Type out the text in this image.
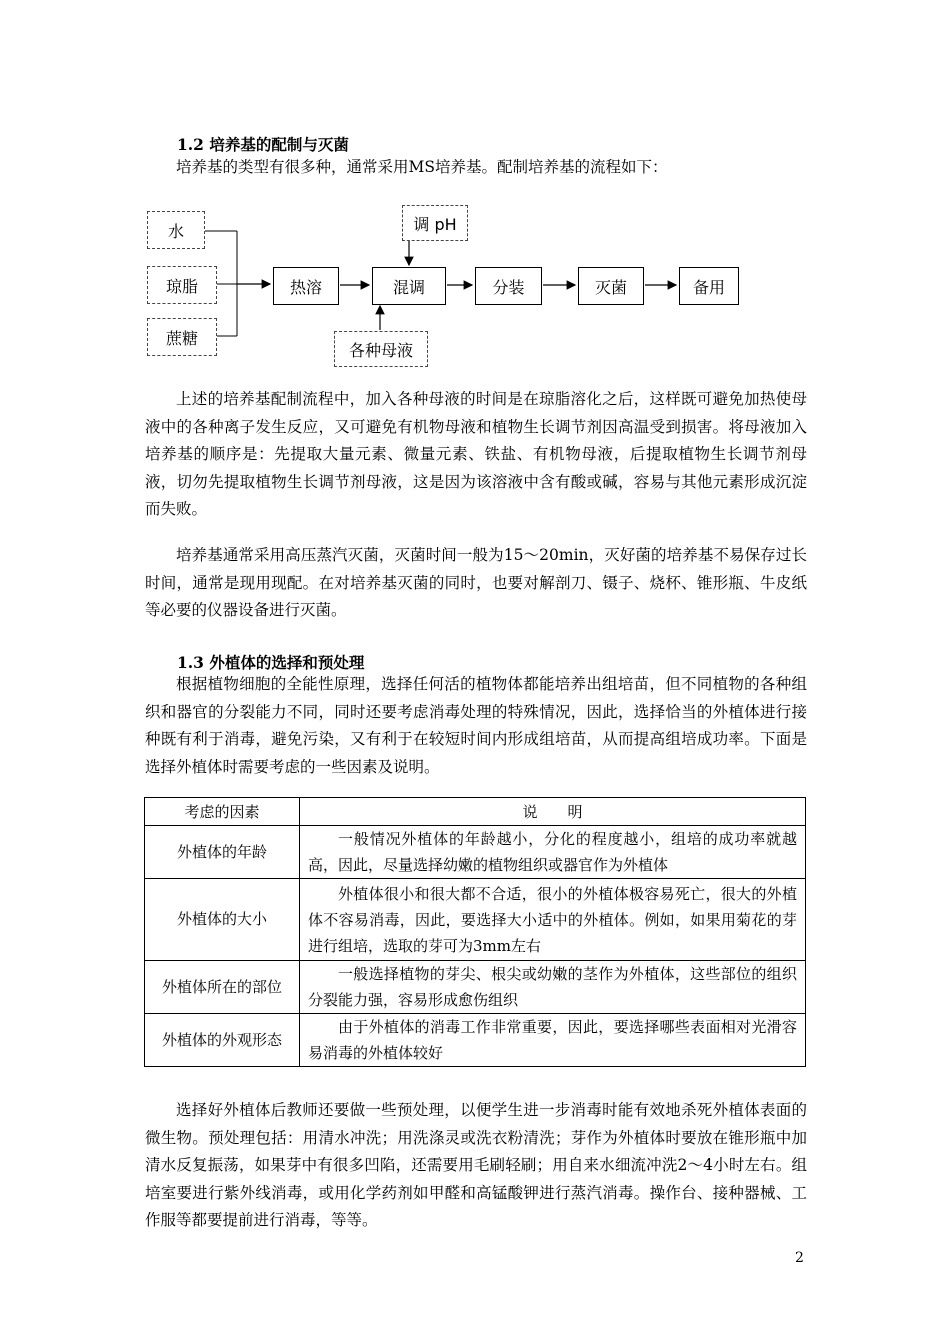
1.2 培养基的配制与灭菌
培养基的类型有很多种，通常采用MS培养基。配制培养基的流程如下：
水
琼脂
蔗糖
热溶	混调	分装	灭菌	备用
调 pH
各种母液
上述的培养基配制流程中，加入各种母液的时间是在琼脂溶化之后，这样既可避免加热使母液中的各种离子发生反应，又可避免有机物母液和植物生长调节剂因高温受到损害。将母液加入培养基的顺序是：先提取大量元素、微量元素、铁盐、有机物母液，后提取植物生长调节剂母液，切勿先提取植物生长调节剂母液，这是因为该溶液中含有酸或碱，容易与其他元素形成沉淀而失败。
培养基通常采用高压蒸汽灭菌，灭菌时间一般为15～20min，灭好菌的培养基不易保存过长时间，通常是现用现配。在对培养基灭菌的同时，也要对解剖刀、镊子、烧杯、锥形瓶、牛皮纸等必要的仪器设备进行灭菌。
1.3 外植体的选择和预处理
根据植物细胞的全能性原理，选择任何活的植物体都能培养出组培苗，但不同植物的各种组织和器官的分裂能力不同，同时还要考虑消毒处理的特殊情况，因此，选择恰当的外植体进行接种既有利于消毒，避免污染，又有利于在较短时间内形成组培苗，从而提高组培成功率。下面是选择外植体时需要考虑的一些因素及说明。
考虑的因素	说　　明
外植体的年龄	一般情况外植体的年龄越小，分化的程度越小，组培的成功率就越高，因此，尽量选择幼嫩的植物组织或器官作为外植体
外植体的大小	外植体很小和很大都不合适，很小的外植体极容易死亡，很大的外植体不容易消毒，因此，要选择大小适中的外植体。例如，如果用菊花的芽进行组培，选取的芽可为3mm左右
外植体所在的部位	一般选择植物的芽尖、根尖或幼嫩的茎作为外植体，这些部位的组织分裂能力强，容易形成愈伤组织
外植体的外观形态	由于外植体的消毒工作非常重要，因此，要选择哪些表面相对光滑容易消毒的外植体较好
选择好外植体后教师还要做一些预处理，以便学生进一步消毒时能有效地杀死外植体表面的微生物。预处理包括：用清水冲洗；用洗涤灵或洗衣粉清洗；芽作为外植体时要放在锥形瓶中加清水反复振荡，如果芽中有很多凹陷，还需要用毛刷轻刷；用自来水细流冲洗2～4小时左右。组培室要进行紫外线消毒，或用化学药剂如甲醛和高锰酸钾进行蒸汽消毒。操作台、接种器械、工作服等都要提前进行消毒，等等。
2
